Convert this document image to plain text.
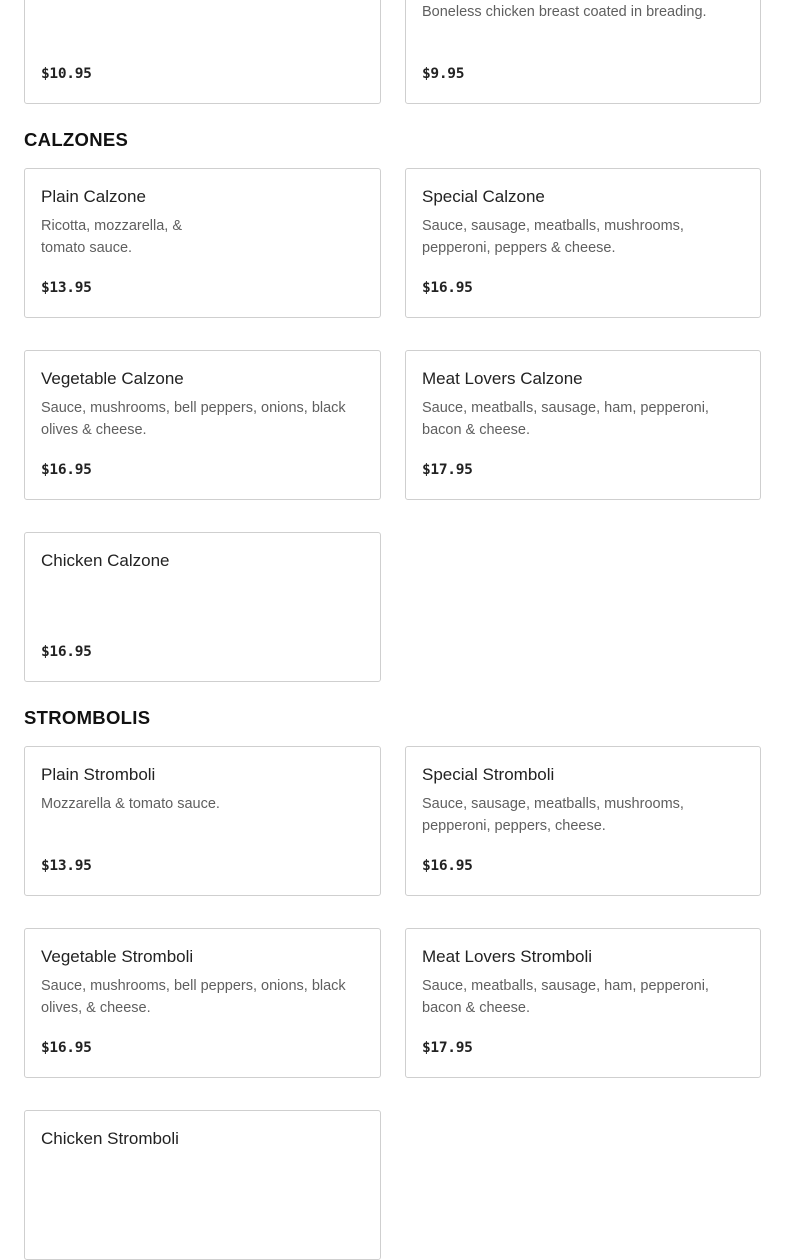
$10.95
Boneless chicken breast coated in breading.
$9.95
CALZONES
Plain Calzone
Ricotta, mozzarella, & tomato sauce.
$13.95
Special Calzone
Sauce, sausage, meatballs, mushrooms, pepperoni, peppers & cheese.
$16.95
Vegetable Calzone
Sauce, mushrooms, bell peppers, onions, black olives & cheese.
$16.95
Meat Lovers Calzone
Sauce, meatballs, sausage, ham, pepperoni, bacon & cheese.
$17.95
Chicken Calzone
$16.95
STROMBOLIS
Plain Stromboli
Mozzarella & tomato sauce.
$13.95
Special Stromboli
Sauce, sausage, meatballs, mushrooms, pepperoni, peppers, cheese.
$16.95
Vegetable Stromboli
Sauce, mushrooms, bell peppers, onions, black olives, & cheese.
$16.95
Meat Lovers Stromboli
Sauce, meatballs, sausage, ham, pepperoni, bacon & cheese.
$17.95
Chicken Stromboli
